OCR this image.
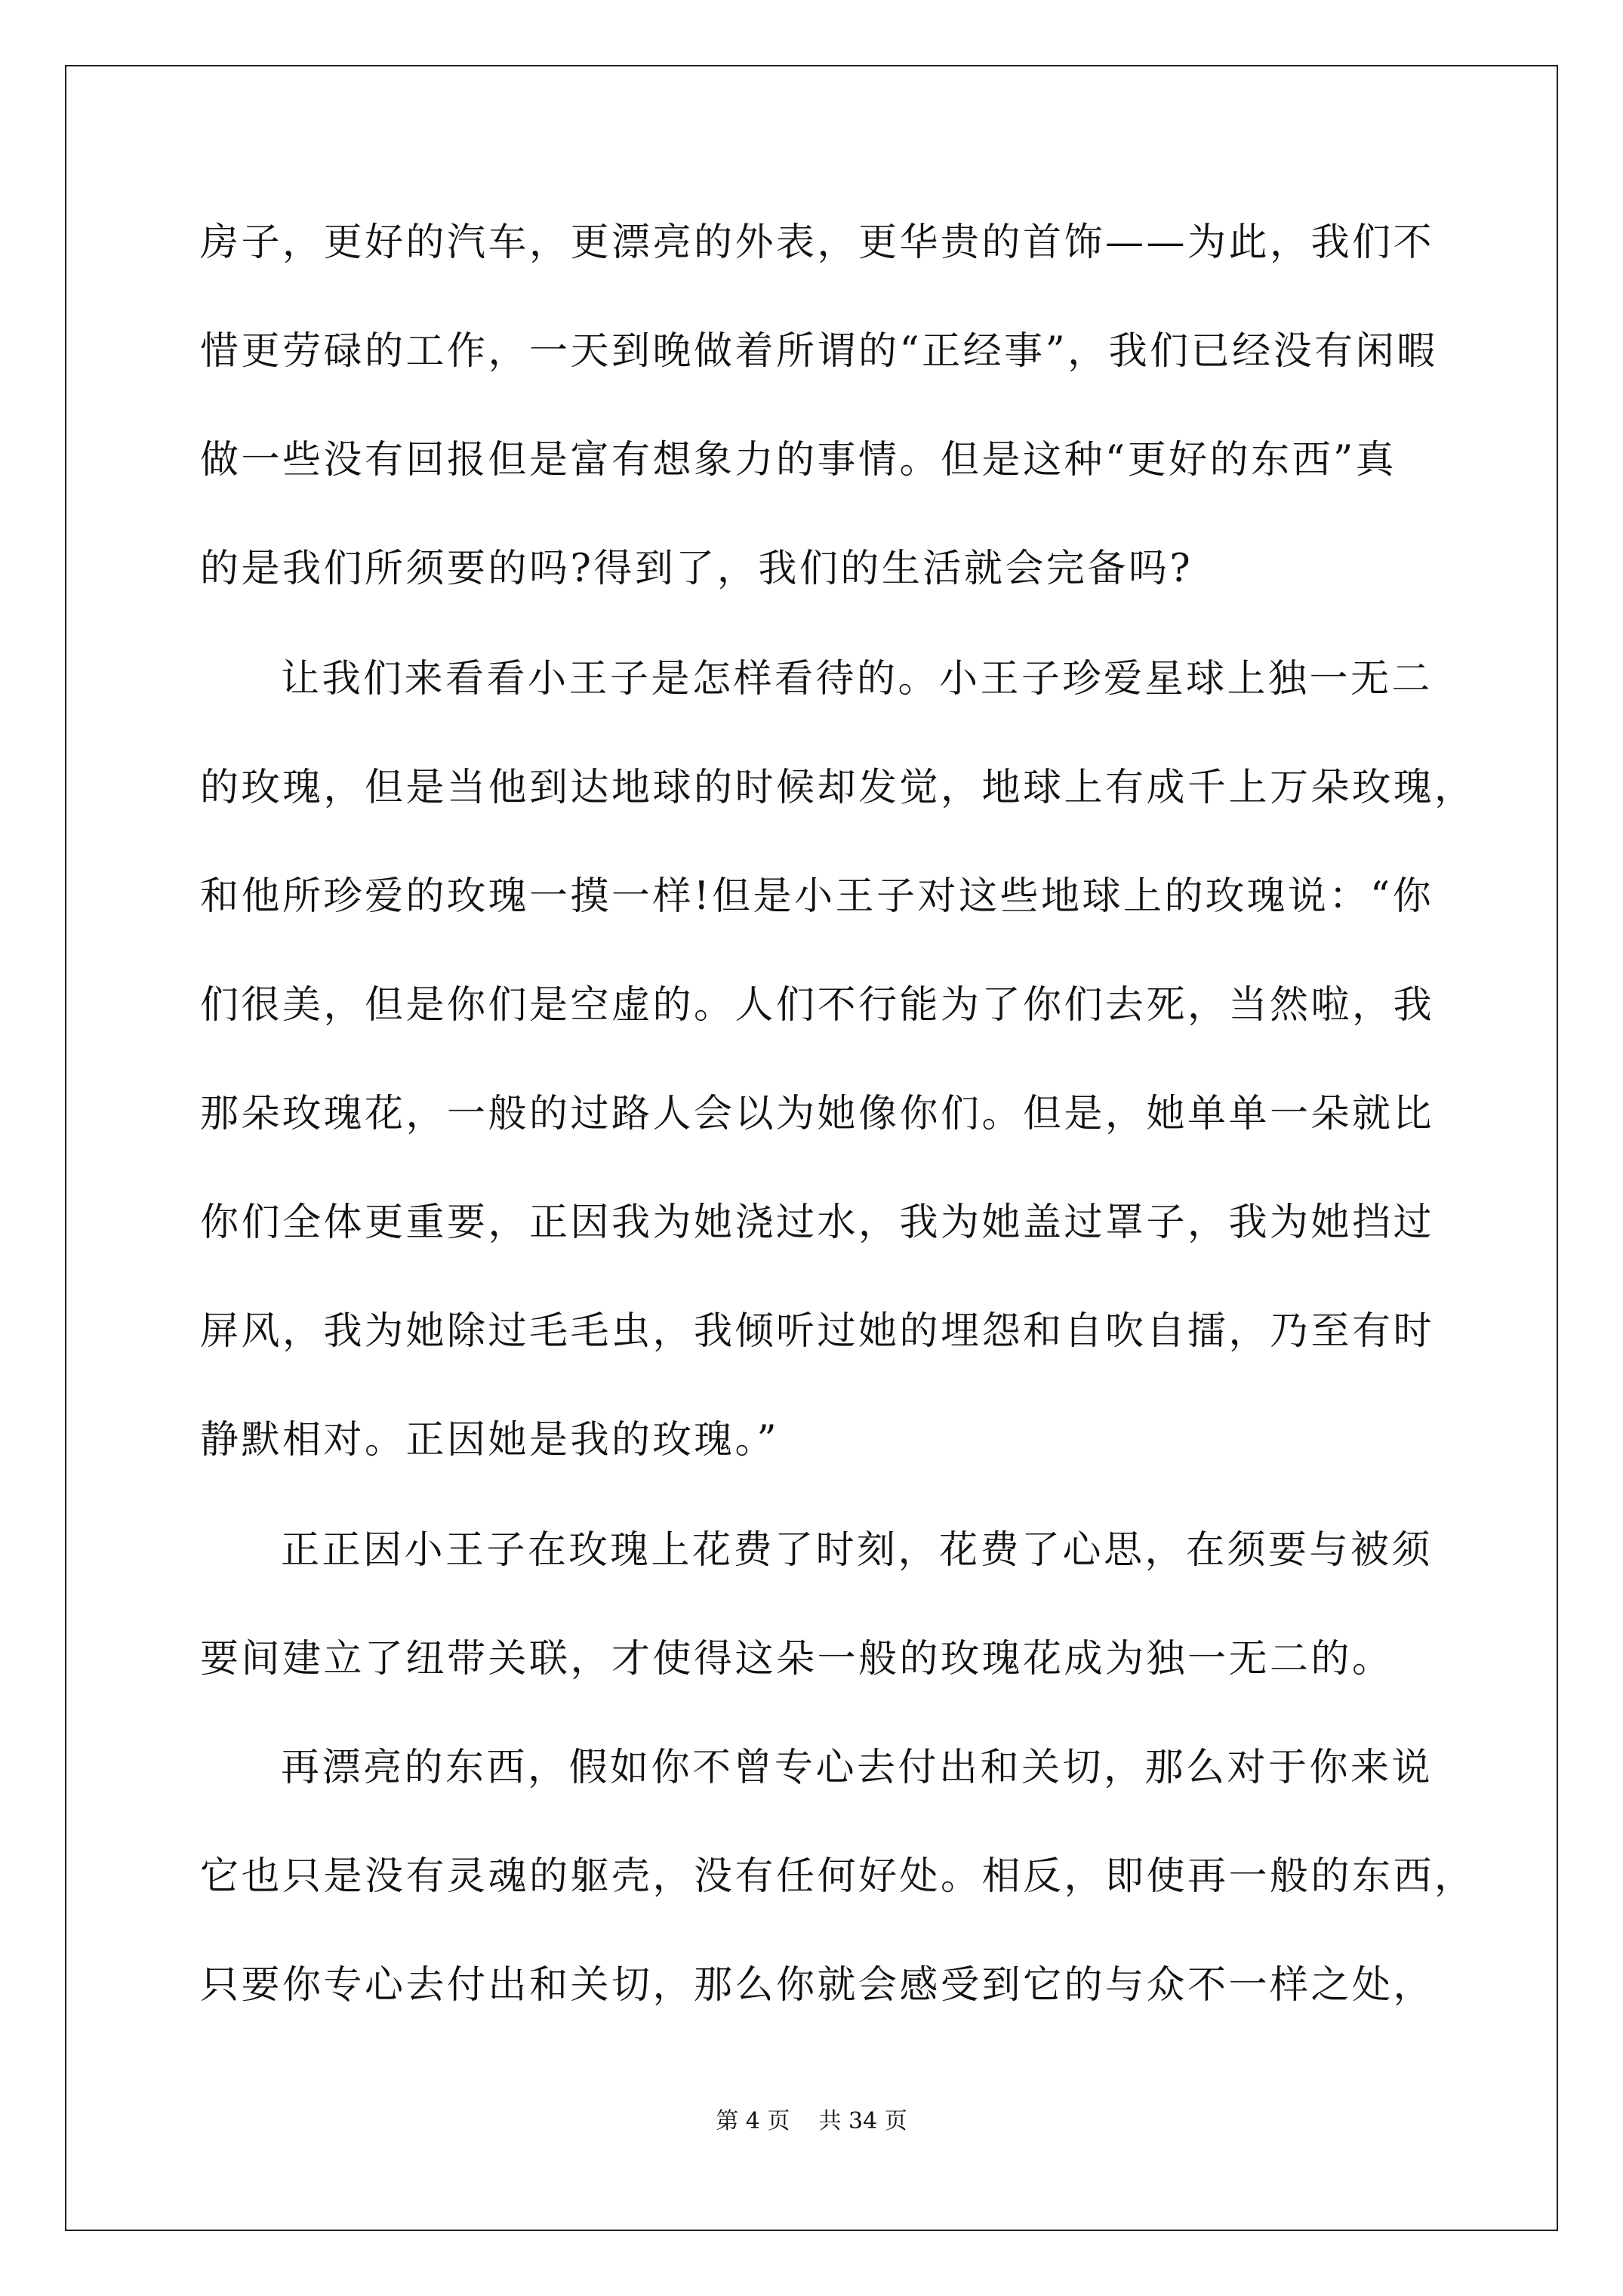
房子，更好的汽车，更漂亮的外表，更华贵的首饰——为此，我们不
惜更劳碌的工作，一天到晚做着所谓的“正经事”，我们已经没有闲暇
做一些没有回报但是富有想象力的事情。但是这种“更好的东西”真
的是我们所须要的吗?得到了，我们的生活就会完备吗?
让我们来看看小王子是怎样看待的。小王子珍爱星球上独一无二
的玫瑰，但是当他到达地球的时候却发觉，地球上有成千上万朵玫瑰，
和他所珍爱的玫瑰一摸一样!但是小王子对这些地球上的玫瑰说：“你
们很美，但是你们是空虚的。人们不行能为了你们去死，当然啦，我
那朵玫瑰花，一般的过路人会以为她像你们。但是，她单单一朵就比
你们全体更重要，正因我为她浇过水，我为她盖过罩子，我为她挡过
屏风，我为她除过毛毛虫，我倾听过她的埋怨和自吹自擂，乃至有时
静默相对。正因她是我的玫瑰。”
正正因小王子在玫瑰上花费了时刻，花费了心思，在须要与被须
要间建立了纽带关联，才使得这朵一般的玫瑰花成为独一无二的。
再漂亮的东西，假如你不曾专心去付出和关切，那么对于你来说
它也只是没有灵魂的躯壳，没有任何好处。相反，即使再一般的东西，
只要你专心去付出和关切，那么你就会感受到它的与众不一样之处，
第 4 页    共 34 页
